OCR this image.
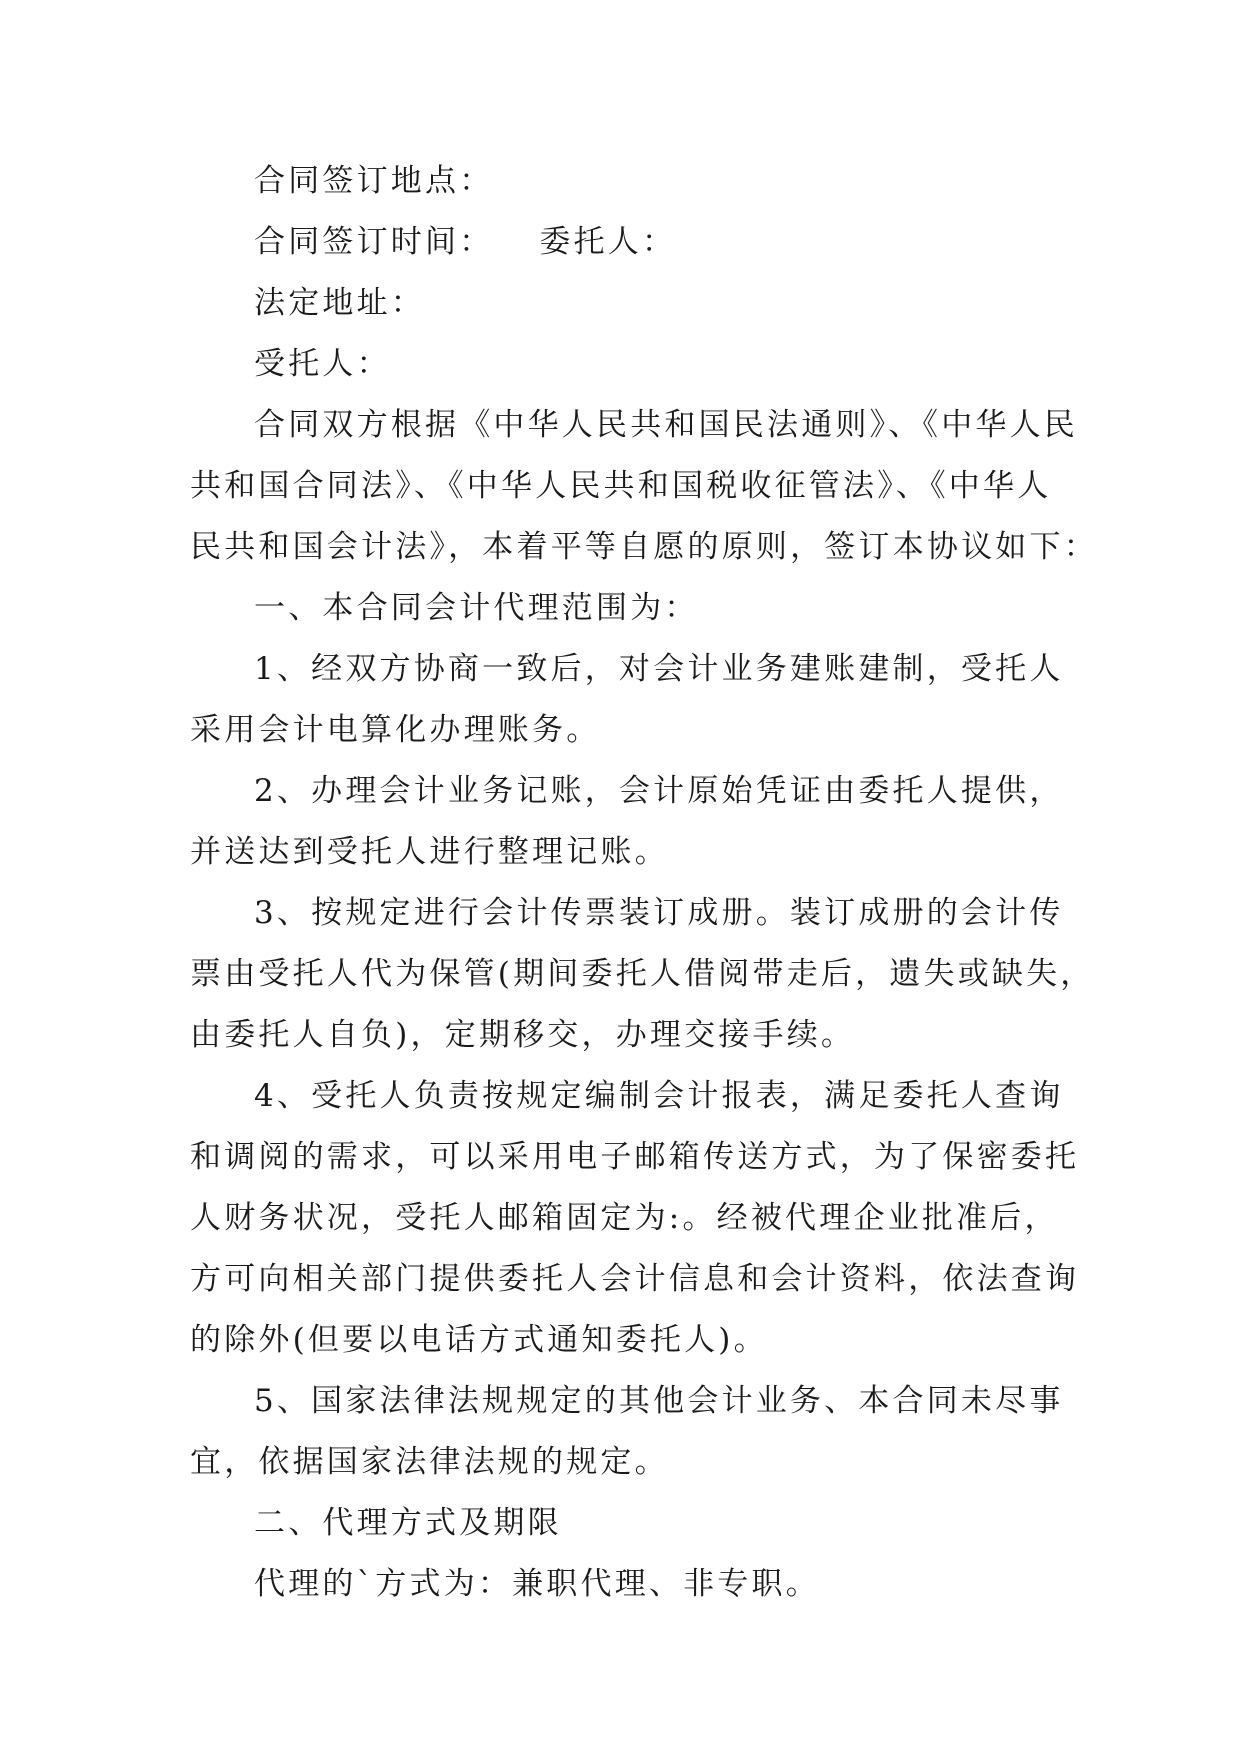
合同签订地点：

合同签订时间： 委托人：

法定地址：

受托人：

合同双方根据《中华人民共和国民法通则》、《中华人民

共和国合同法》、《中华人民共和国税收征管法》、《中华人

民共和国会计法》，本着平等自愿的原则，签订本协议如下：

一、本合同会计代理范围为：

1、经双方协商一致后，对会计业务建账建制，受托人

采用会计电算化办理账务。

2、办理会计业务记账，会计原始凭证由委托人提供，

并送达到受托人进行整理记账。

3、按规定进行会计传票装订成册。装订成册的会计传

票由受托人代为保管(期间委托人借阅带走后，遗失或缺失，

由委托人自负)，定期移交，办理交接手续。

4、受托人负责按规定编制会计报表，满足委托人查询

和调阅的需求，可以采用电子邮箱传送方式，为了保密委托

人财务状况，受托人邮箱固定为:。经被代理企业批准后，

方可向相关部门提供委托人会计信息和会计资料，依法查询

的除外(但要以电话方式通知委托人)。

5、国家法律法规规定的其他会计业务、本合同未尽事

宜，依据国家法律法规的规定。

二、代理方式及期限

代理的`方式为：兼职代理、非专职。
